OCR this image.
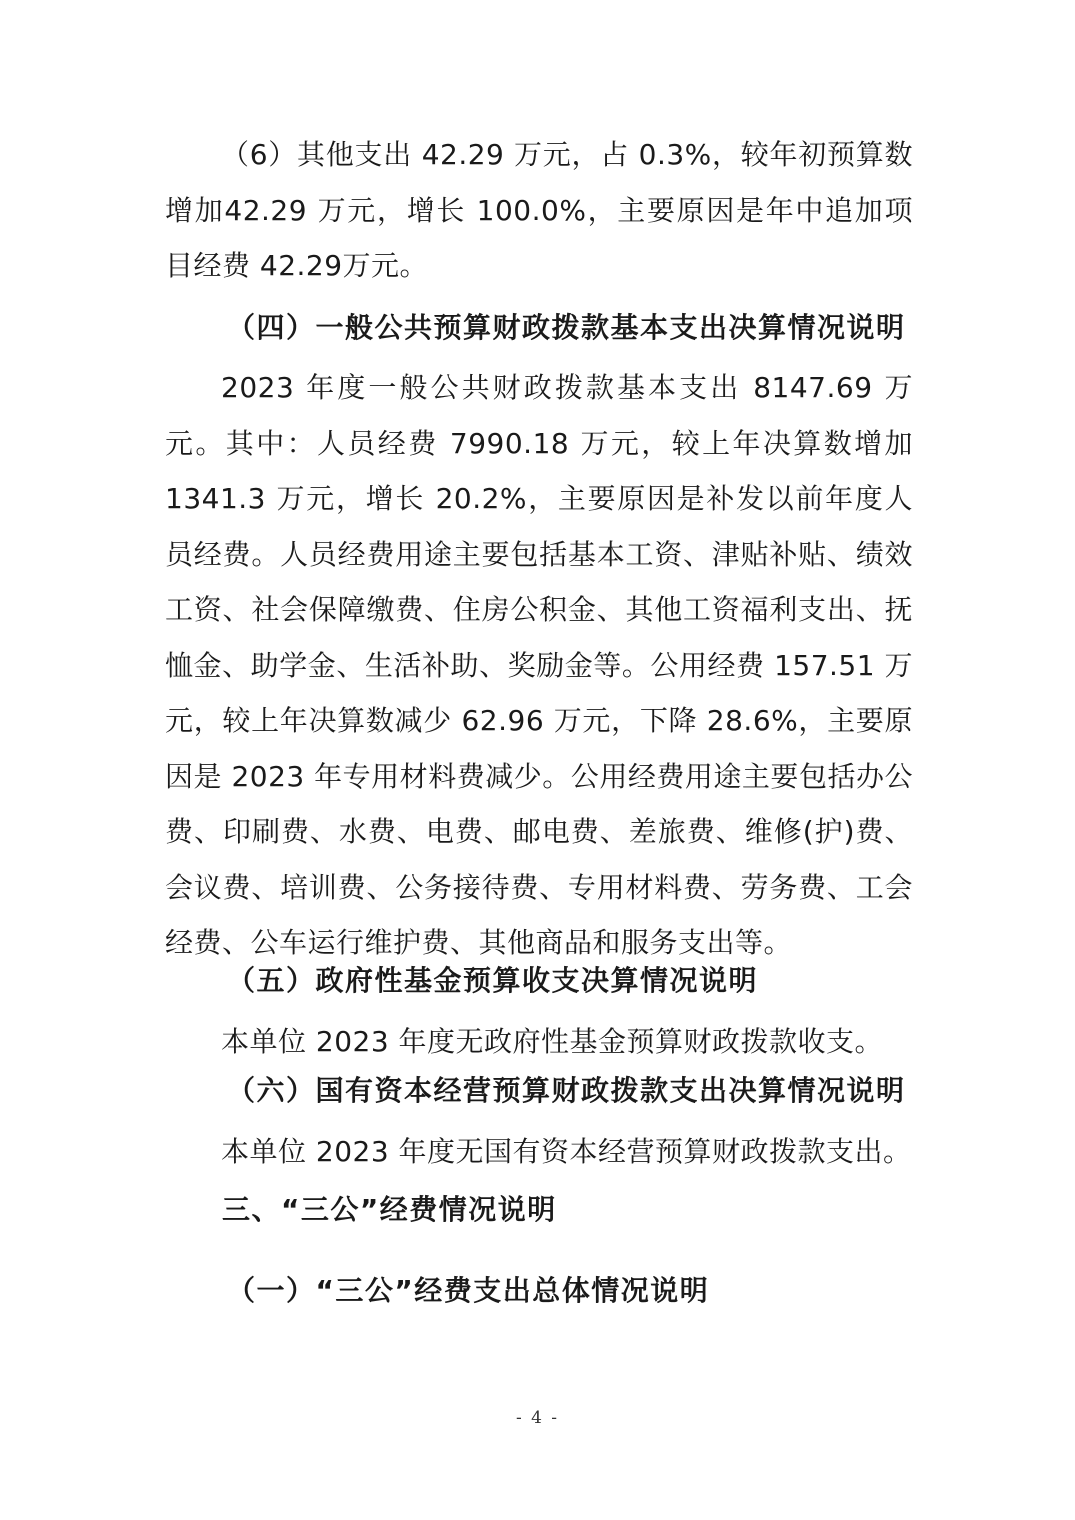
（6）其他支出 42.29 万元，占 0.3%，较年初预算数增加42.29 万元，增长 100.0%，主要原因是年中追加项目经费 42.29万元。

（四）一般公共预算财政拨款基本支出决算情况说明

2023 年度一般公共财政拨款基本支出 8147.69 万元。其中：人员经费 7990.18 万元，较上年决算数增加 1341.3 万元，增长 20.2%，主要原因是补发以前年度人员经费。人员经费用途主要包括基本工资、津贴补贴、绩效工资、社会保障缴费、住房公积金、其他工资福利支出、抚恤金、助学金、生活补助、奖励金等。公用经费 157.51 万元，较上年决算数减少 62.96 万元，下降 28.6%，主要原因是 2023 年专用材料费减少。公用经费用途主要包括办公费、印刷费、水费、电费、邮电费、差旅费、维修(护)费、会议费、培训费、公务接待费、专用材料费、劳务费、工会经费、公车运行维护费、其他商品和服务支出等。

（五）政府性基金预算收支决算情况说明

本单位 2023 年度无政府性基金预算财政拨款收支。

（六）国有资本经营预算财政拨款支出决算情况说明

本单位 2023 年度无国有资本经营预算财政拨款支出。

三、“三公”经费情况说明

（一）“三公”经费支出总体情况说明

- 4 -
